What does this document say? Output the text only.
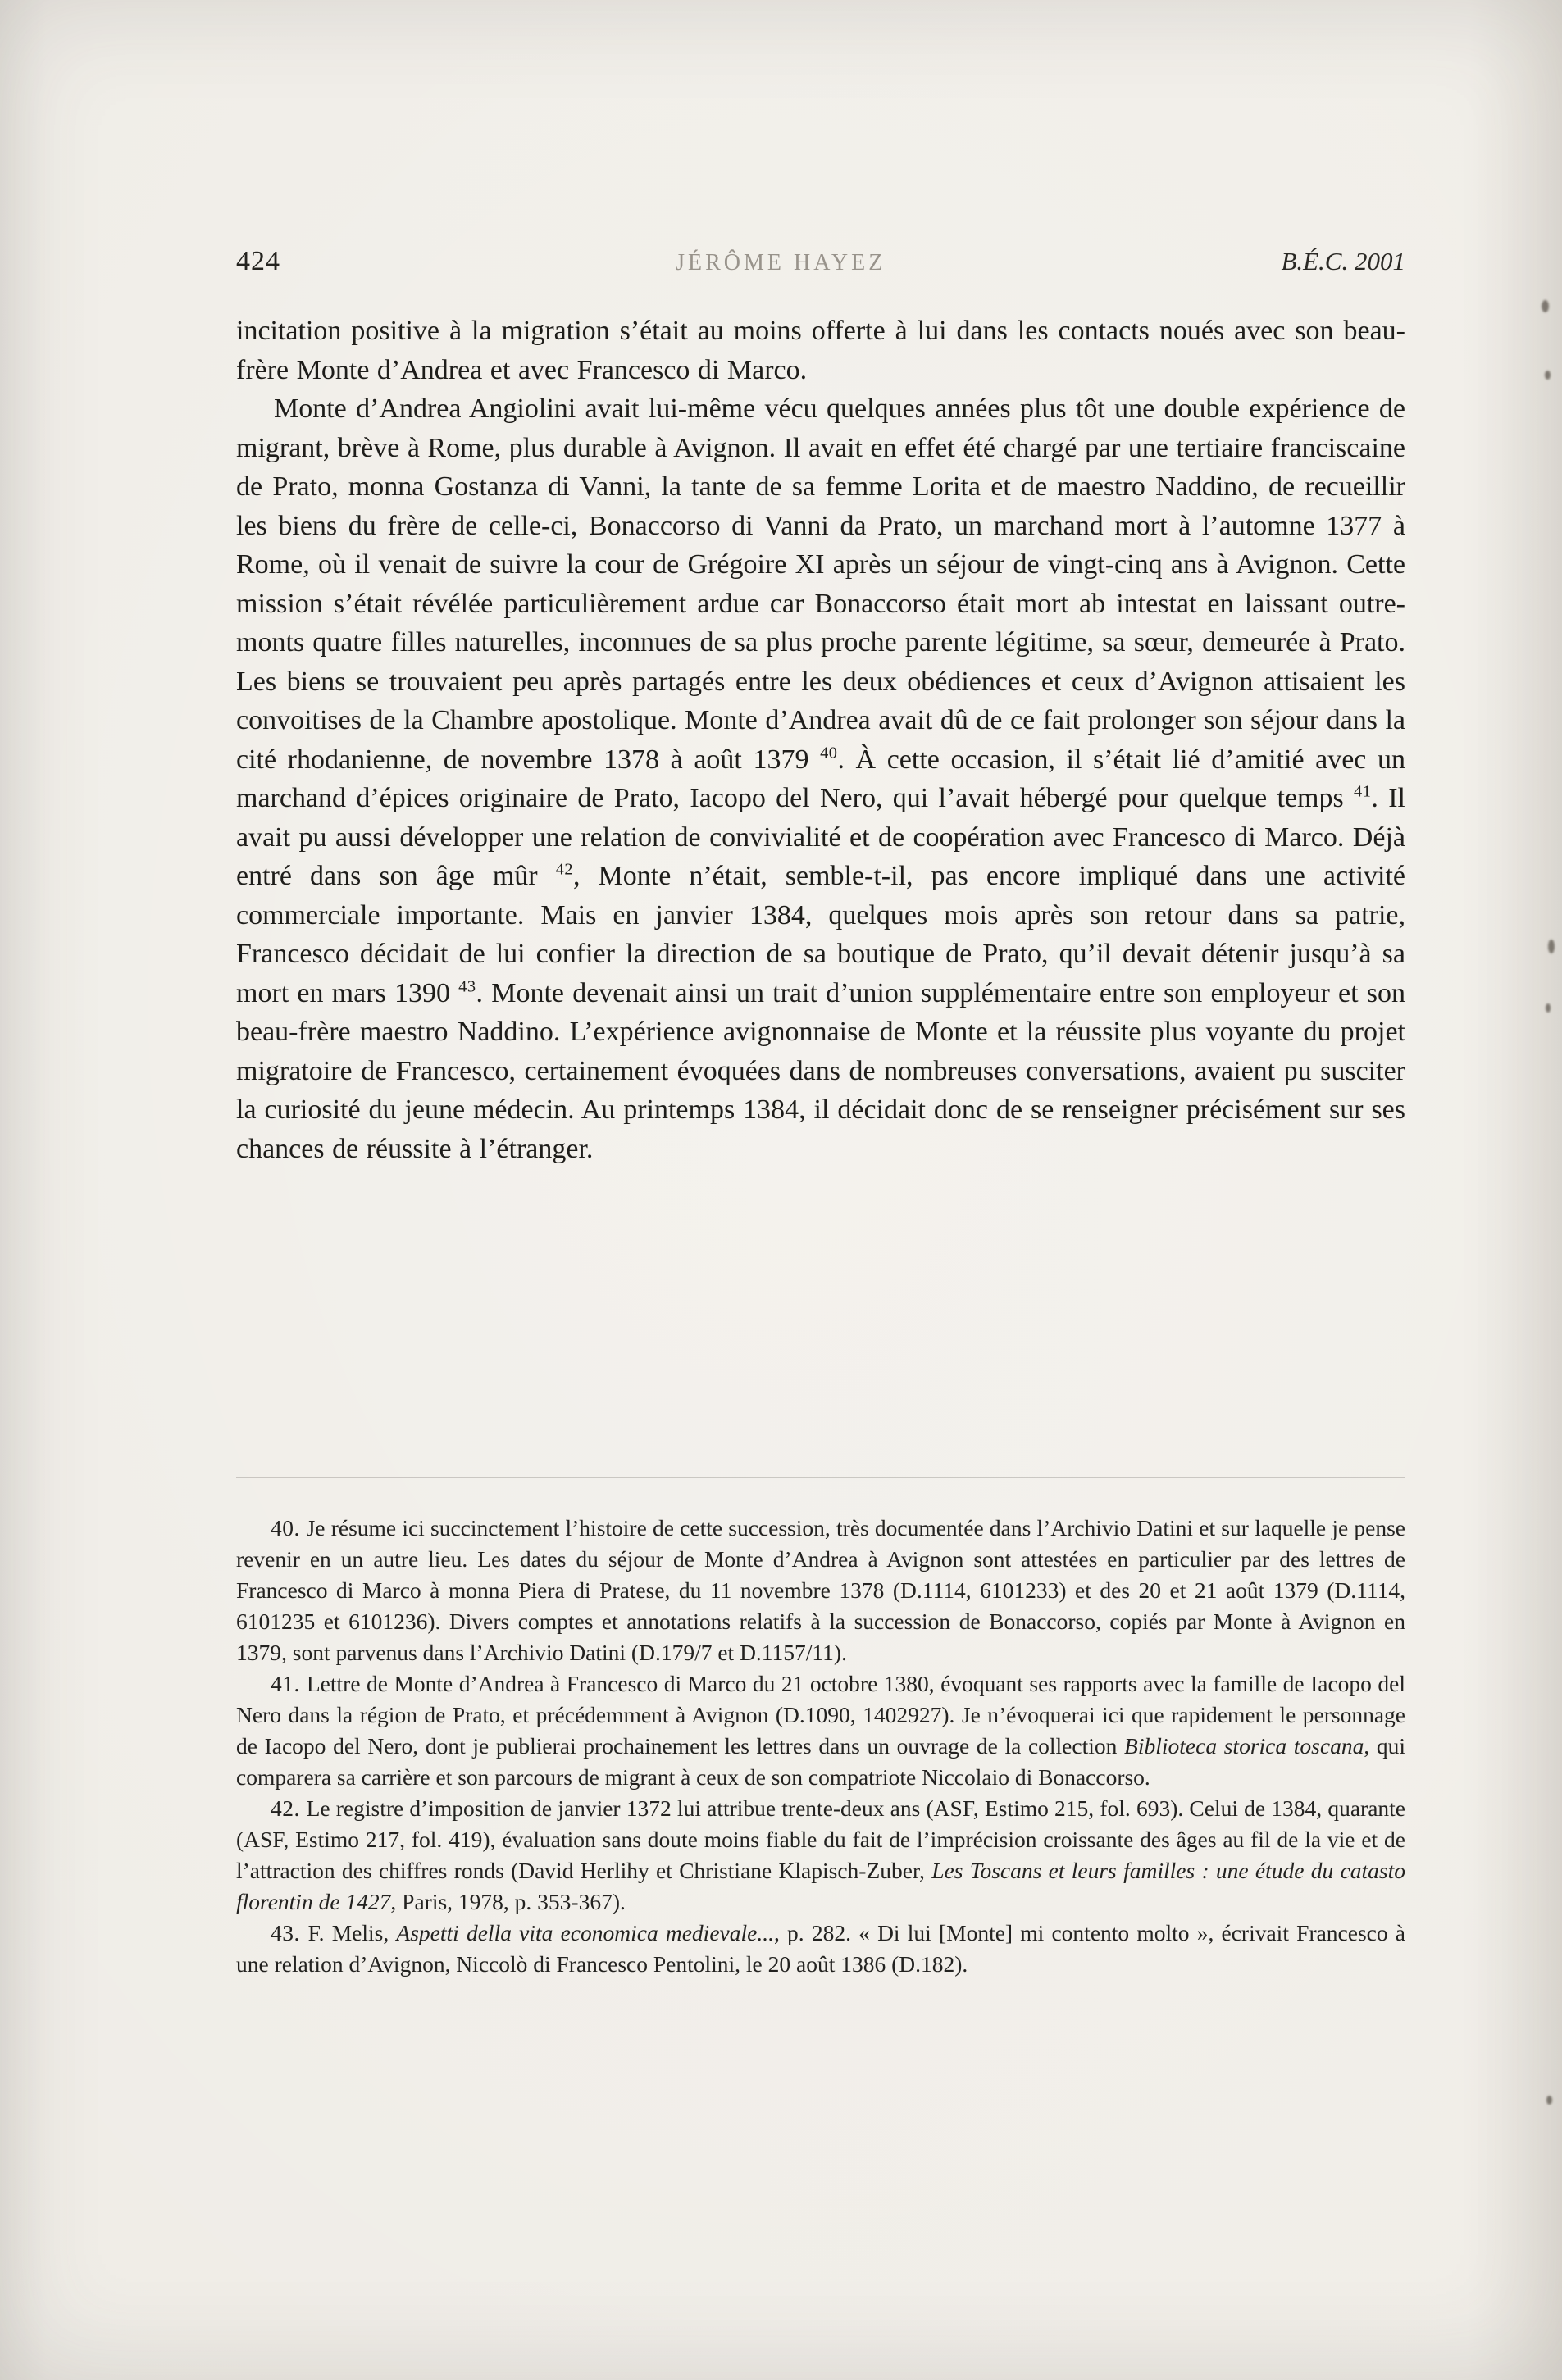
424	JÉRÔME HAYEZ	B.É.C. 2001

incitation positive à la migration s’était au moins offerte à lui dans les contacts noués avec son beau-frère Monte d’Andrea et avec Francesco di Marco.

Monte d’Andrea Angiolini avait lui-même vécu quelques années plus tôt une double expérience de migrant, brève à Rome, plus durable à Avignon. Il avait en effet été chargé par une tertiaire franciscaine de Prato, monna Gostanza di Vanni, la tante de sa femme Lorita et de maestro Naddino, de recueillir les biens du frère de celle-ci, Bonaccorso di Vanni da Prato, un marchand mort à l’automne 1377 à Rome, où il venait de suivre la cour de Grégoire XI après un séjour de vingt-cinq ans à Avignon. Cette mission s’était révélée particulièrement ardue car Bonaccorso était mort ab intestat en laissant outre-monts quatre filles naturelles, inconnues de sa plus proche parente légitime, sa sœur, demeurée à Prato. Les biens se trouvaient peu après partagés entre les deux obédiences et ceux d’Avignon attisaient les convoitises de la Chambre apostolique. Monte d’Andrea avait dû de ce fait prolonger son séjour dans la cité rhodanienne, de novembre 1378 à août 1379 $^{40}$. À cette occasion, il s’était lié d’amitié avec un marchand d’épices originaire de Prato, Iacopo del Nero, qui l’avait hébergé pour quelque temps $^{41}$. Il avait pu aussi développer une relation de convivialité et de coopération avec Francesco di Marco. Déjà entré dans son âge mûr $^{42}$, Monte n’était, semble-t-il, pas encore impliqué dans une activité commerciale importante. Mais en janvier 1384, quelques mois après son retour dans sa patrie, Francesco décidait de lui confier la direction de sa boutique de Prato, qu’il devait détenir jusqu’à sa mort en mars 1390 $^{43}$. Monte devenait ainsi un trait d’union supplémentaire entre son employeur et son beau-frère maestro Naddino. L’expérience avignonnaise de Monte et la réussite plus voyante du projet migratoire de Francesco, certainement évoquées dans de nombreuses conversations, avaient pu susciter la curiosité du jeune médecin. Au printemps 1384, il décidait donc de se renseigner précisément sur ses chances de réussite à l’étranger.

40. Je résume ici succinctement l’histoire de cette succession, très documentée dans l’Archivio Datini et sur laquelle je pense revenir en un autre lieu. Les dates du séjour de Monte d’Andrea à Avignon sont attestées en particulier par des lettres de Francesco di Marco à monna Piera di Pratese, du 11 novembre 1378 (D.1114, 6101233) et des 20 et 21 août 1379 (D.1114, 6101235 et 6101236). Divers comptes et annotations relatifs à la succession de Bonaccorso, copiés par Monte à Avignon en 1379, sont parvenus dans l’Archivio Datini (D.179/7 et D.1157/11).

41. Lettre de Monte d’Andrea à Francesco di Marco du 21 octobre 1380, évoquant ses rapports avec la famille de Iacopo del Nero dans la région de Prato, et précédemment à Avignon (D.1090, 1402927). Je n’évoquerai ici que rapidement le personnage de Iacopo del Nero, dont je publierai prochainement les lettres dans un ouvrage de la collection Biblioteca storica toscana, qui comparera sa carrière et son parcours de migrant à ceux de son compatriote Niccolaio di Bonaccorso.

42. Le registre d’imposition de janvier 1372 lui attribue trente-deux ans (ASF, Estimo 215, fol. 693). Celui de 1384, quarante (ASF, Estimo 217, fol. 419), évaluation sans doute moins fiable du fait de l’imprécision croissante des âges au fil de la vie et de l’attraction des chiffres ronds (David Herlihy et Christiane Klapisch-Zuber, Les Toscans et leurs familles : une étude du catasto florentin de 1427, Paris, 1978, p. 353-367).

43. F. Melis, Aspetti della vita economica medievale..., p. 282. « Di lui [Monte] mi contento molto », écrivait Francesco à une relation d’Avignon, Niccolò di Francesco Pentolini, le 20 août 1386 (D.182).
